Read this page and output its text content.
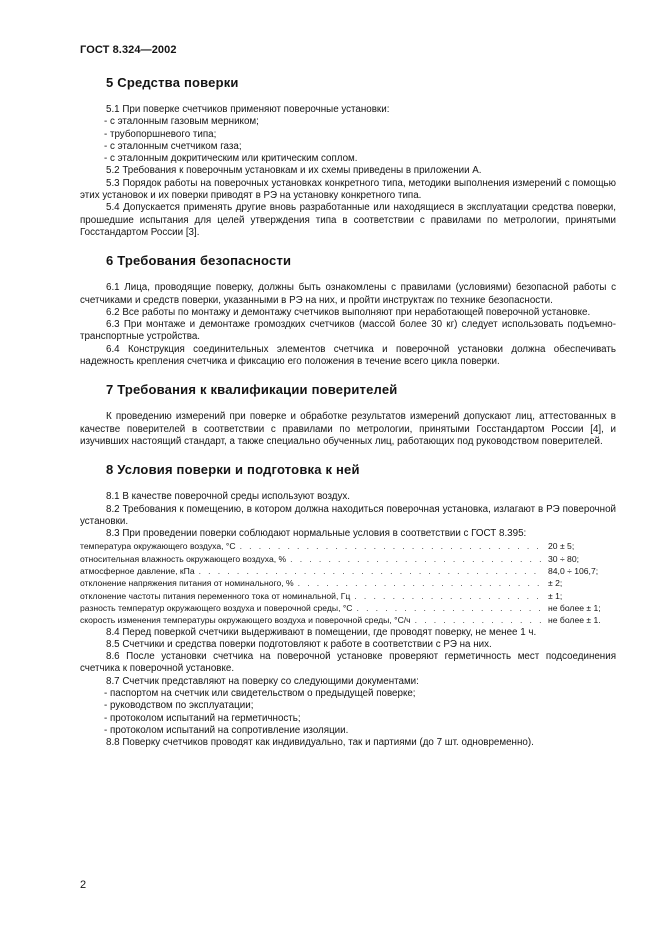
ГОСТ 8.324—2002
5 Средства поверки

5.1 При поверке счетчиков применяют поверочные установки:

- с эталонным газовым мерником;

- трубопоршневого типа;

- с эталонным счетчиком газа;

- с эталонным докритическим или критическим соплом.

5.2 Требования к поверочным установкам и их схемы приведены в приложении А.

5.3 Порядок работы на поверочных установках конкретного типа, методики выполнения измерений с помощью этих установок и их поверки приводят в РЭ на установку конкретного типа.

5.4 Допускается применять другие вновь разработанные или находящиеся в эксплуатации средства поверки, прошедшие испытания для целей утверждения типа в соответствии с правилами по метрологии, принятыми Госстандартом России [3].

6 Требования безопасности

6.1 Лица, проводящие поверку, должны быть ознакомлены с правилами (условиями) безопасной работы с счетчиками и средств поверки, указанными в РЭ на них, и пройти инструктаж по технике безопасности.

6.2 Все работы по монтажу и демонтажу счетчиков выполняют при неработающей поверочной установке.

6.3 При монтаже и демонтаже громоздких счетчиков (массой более 30 кг) следует использовать подъемно-транспортные устройства.

6.4 Конструкция соединительных элементов счетчика и поверочной установки должна обеспечивать надежность крепления счетчика и фиксацию его положения в течение всего цикла поверки.

7 Требования к квалификации поверителей

К проведению измерений при поверке и обработке результатов измерений допускают лиц, аттестованных в качестве поверителей в соответствии с правилами по метрологии, принятыми Госстандартом России [4], и изучивших настоящий стандарт, а также специально обученных лиц, работающих под руководством поверителей.

8 Условия поверки и подготовка к ней

8.1 В качестве поверочной среды используют воздух.

8.2 Требования к помещению, в котором должна находиться поверочная установка, излагают в РЭ поверочной установки.

8.3 При проведении поверки соблюдают нормальные условия в соответствии с ГОСТ 8.395:

температура окружающего воздуха, °С . . .	20 ± 5;
относительная влажность окружающего воздуха, % . . .	30 ÷ 80;
атмосферное давление, кПа . . .	84,0 ÷ 106,7;
отклонение напряжения питания от номинального, % . . .	± 2;
отклонение частоты питания переменного тока от номинальной, Гц . . .	± 1;
разность температур окружающего воздуха и поверочной среды, °С . . .	не более ± 1;
скорость изменения температуры окружающего воздуха и поверочной среды, °С/ч . . .	не более ± 1.

8.4 Перед поверкой счетчики выдерживают в помещении, где проводят поверку, не менее 1 ч.

8.5 Счетчики и средства поверки подготовляют к работе в соответствии с РЭ на них.

8.6 После установки счетчика на поверочной установке проверяют герметичность мест подсоединения счетчика к поверочной установке.

8.7 Счетчик представляют на поверку со следующими документами:

- паспортом на счетчик или свидетельством о предыдущей поверке;

- руководством по эксплуатации;

- протоколом испытаний на герметичность;

- протоколом испытаний на сопротивление изоляции.

8.8 Поверку счетчиков проводят как индивидуально, так и партиями (до 7 шт. одновременно).

2
